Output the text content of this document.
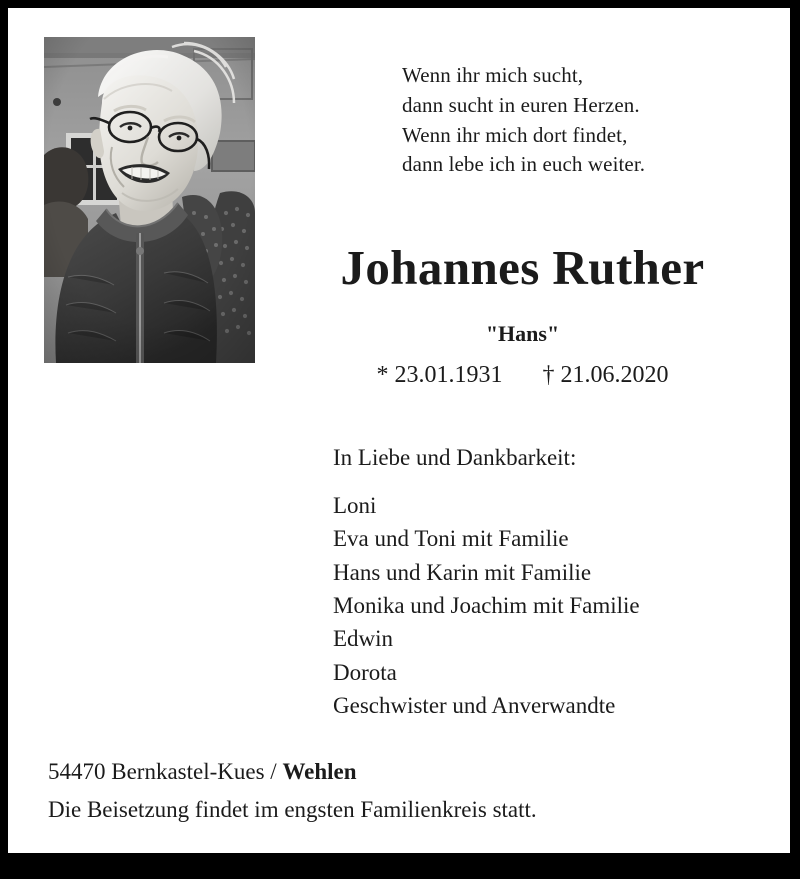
Wenn ihr mich sucht,
dann sucht in euren Herzen.
Wenn ihr mich dort findet,
dann lebe ich in euch weiter.
Johannes Ruther
"Hans"
* 23.01.1931 † 21.06.2020
In Liebe und Dankbarkeit:
Loni
Eva und Toni mit Familie
Hans und Karin mit Familie
Monika und Joachim mit Familie
Edwin
Dorota
Geschwister und Anverwandte
54470 Bernkastel-Kues / Wehlen
Die Beisetzung findet im engsten Familienkreis statt.
